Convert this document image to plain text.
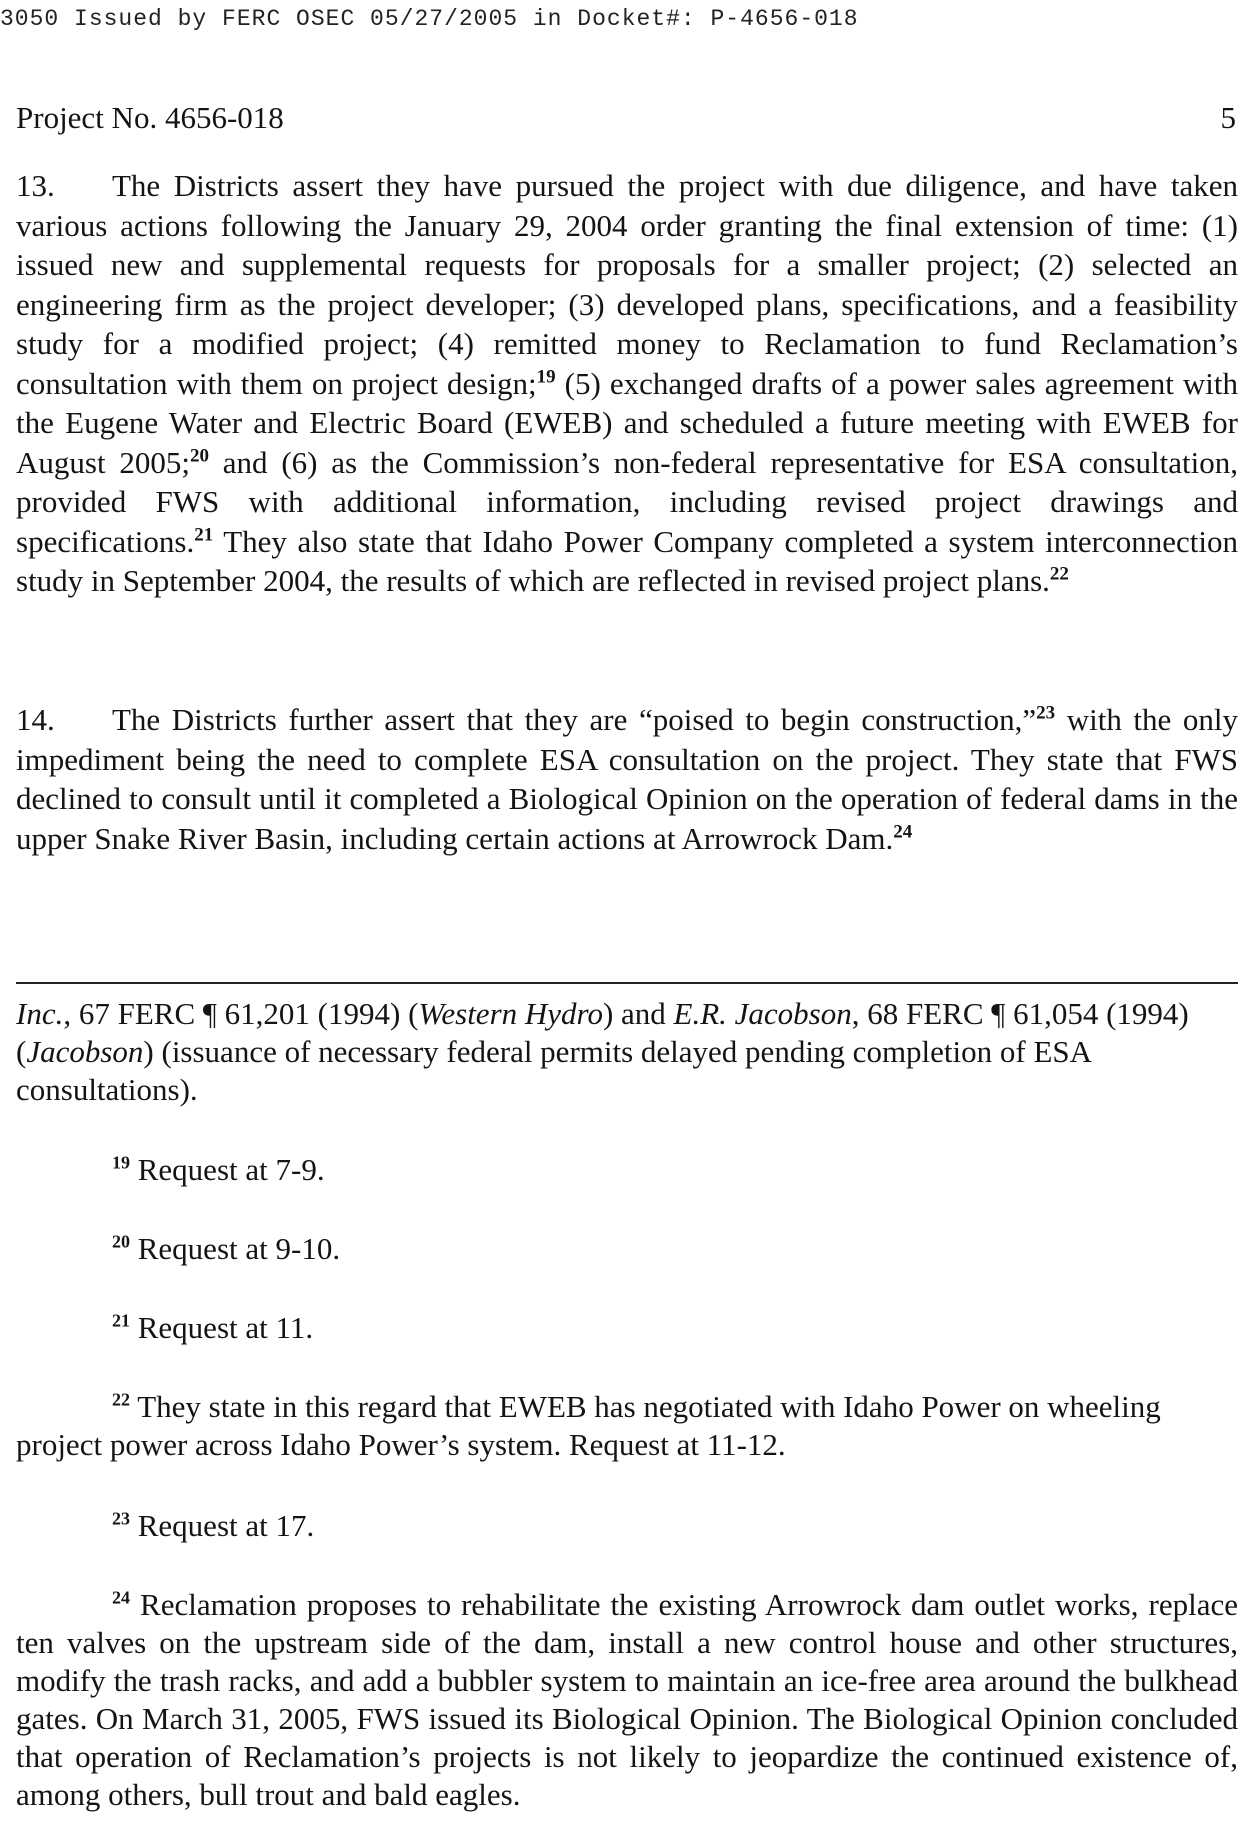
3050 Issued by FERC OSEC 05/27/2005 in Docket#: P-4656-018
Project No. 4656-018	5

13. The Districts assert they have pursued the project with due diligence, and have taken various actions following the January 29, 2004 order granting the final extension of time: (1) issued new and supplemental requests for proposals for a smaller project; (2) selected an engineering firm as the project developer; (3) developed plans, specifications, and a feasibility study for a modified project; (4) remitted money to Reclamation to fund Reclamation’s consultation with them on project design;$^{19}$ (5) exchanged drafts of a power sales agreement with the Eugene Water and Electric Board (EWEB) and scheduled a future meeting with EWEB for August 2005;$^{20}$ and (6) as the Commission’s non-federal representative for ESA consultation, provided FWS with additional information, including revised project drawings and specifications.$^{21}$ They also state that Idaho Power Company completed a system interconnection study in September 2004, the results of which are reflected in revised project plans.$^{22}$

14. The Districts further assert that they are “poised to begin construction,”$^{23}$ with the only impediment being the need to complete ESA consultation on the project. They state that FWS declined to consult until it completed a Biological Opinion on the operation of federal dams in the upper Snake River Basin, including certain actions at Arrowrock Dam.$^{24}$

Inc., 67 FERC ¶ 61,201 (1994) (Western Hydro) and E.R. Jacobson, 68 FERC ¶ 61,054 (1994) (Jacobson) (issuance of necessary federal permits delayed pending completion of ESA consultations).
$^{19}$ Request at 7-9.
$^{20}$ Request at 9-10.
$^{21}$ Request at 11.
$^{22}$ They state in this regard that EWEB has negotiated with Idaho Power on wheeling project power across Idaho Power’s system. Request at 11-12.
$^{23}$ Request at 17.
$^{24}$ Reclamation proposes to rehabilitate the existing Arrowrock dam outlet works, replace ten valves on the upstream side of the dam, install a new control house and other structures, modify the trash racks, and add a bubbler system to maintain an ice-free area around the bulkhead gates. On March 31, 2005, FWS issued its Biological Opinion. The Biological Opinion concluded that operation of Reclamation’s projects is not likely to jeopardize the continued existence of, among others, bull trout and bald eagles.
